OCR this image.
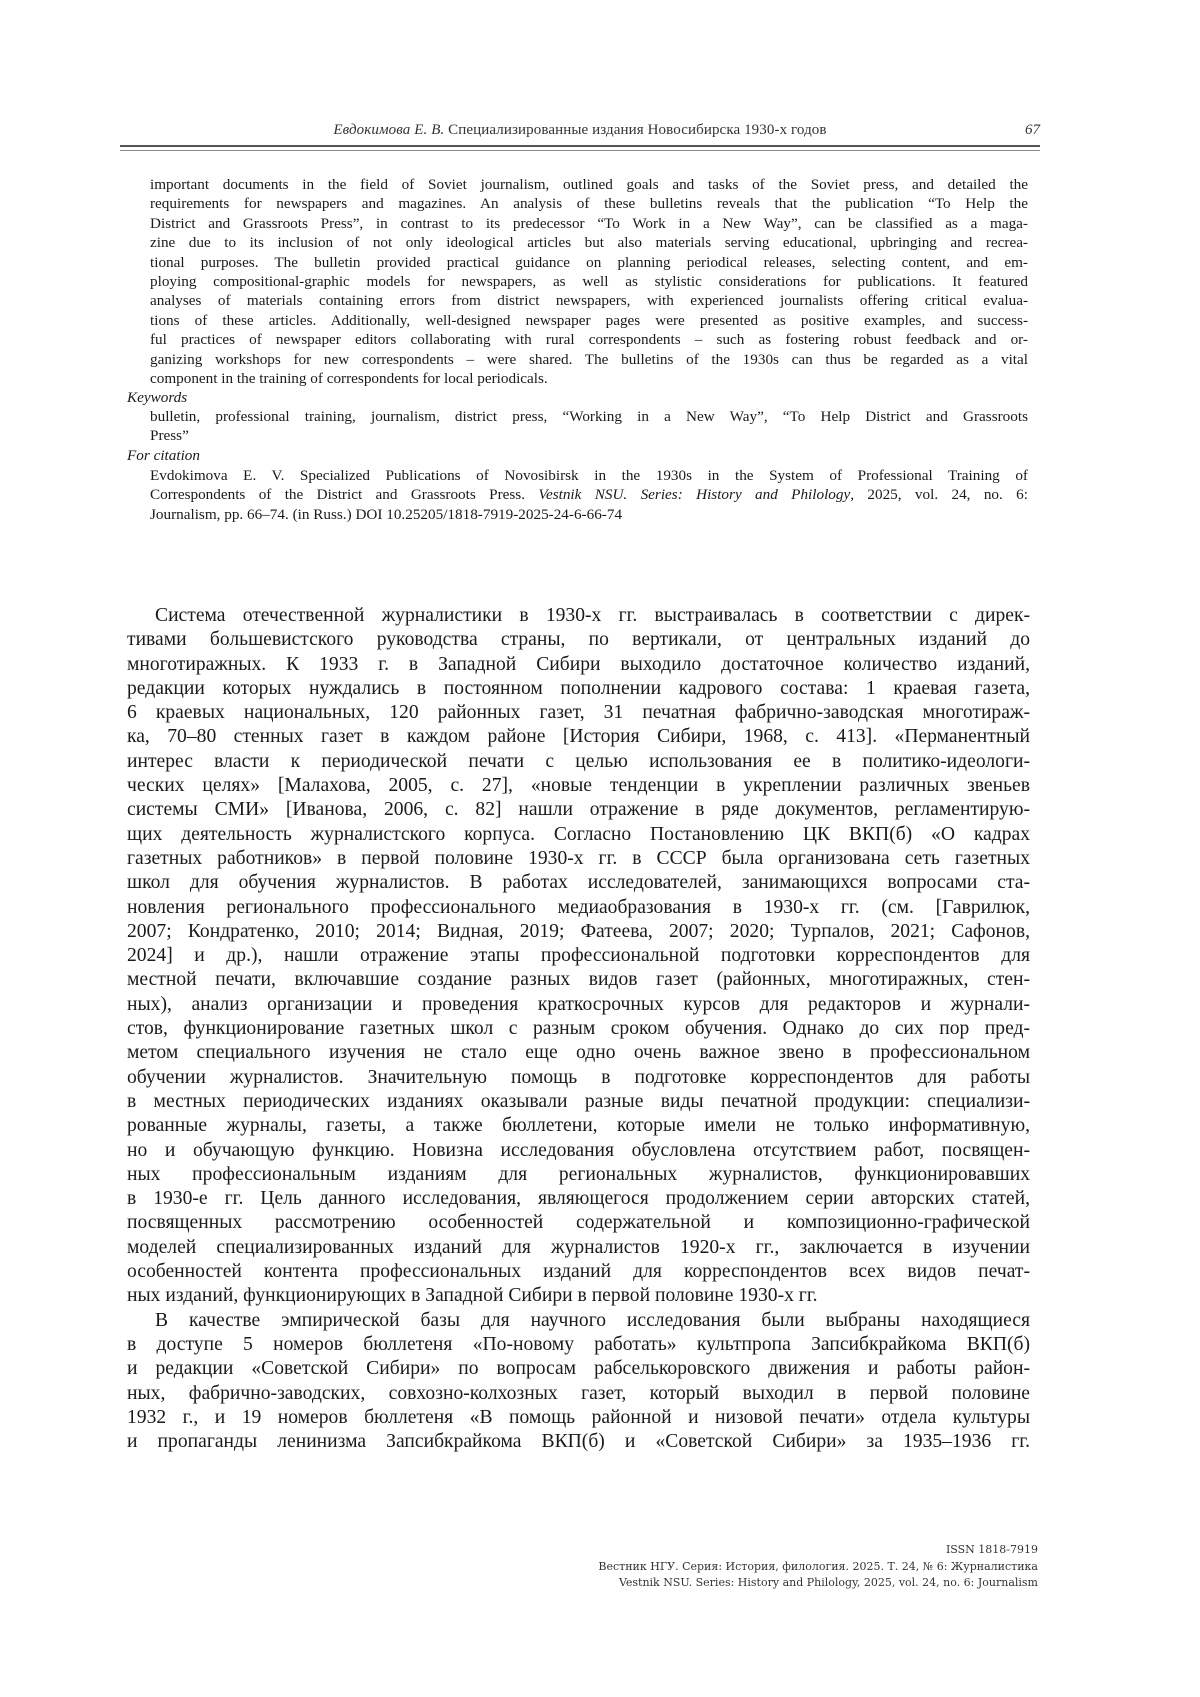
Евдокимова Е. В. Специализированные издания Новосибирска 1930-х годов	67
important documents in the field of Soviet journalism, outlined goals and tasks of the Soviet press, and detailed the
requirements for newspapers and magazines. An analysis of these bulletins reveals that the publication “To Help the
District and Grassroots Press”, in contrast to its predecessor “To Work in a New Way”, can be classified as a maga-
zine due to its inclusion of not only ideological articles but also materials serving educational, upbringing and recrea-
tional purposes. The bulletin provided practical guidance on planning periodical releases, selecting content, and em-
ploying compositional-graphic models for newspapers, as well as stylistic considerations for publications. It featured
analyses of materials containing errors from district newspapers, with experienced journalists offering critical evalua-
tions of these articles. Additionally, well-designed newspaper pages were presented as positive examples, and success-
ful practices of newspaper editors collaborating with rural correspondents – such as fostering robust feedback and or-
ganizing workshops for new correspondents – were shared. The bulletins of the 1930s can thus be regarded as a vital
component in the training of correspondents for local periodicals.
Keywords
bulletin, professional training, journalism, district press, “Working in a New Way”, “To Help District and Grassroots
Press”
For citation
Evdokimova E. V. Specialized Publications of Novosibirsk in the 1930s in the System of Professional Training of
Correspondents of the District and Grassroots Press. Vestnik NSU. Series: History and Philology, 2025, vol. 24, no. 6:
Journalism, pp. 66–74. (in Russ.) DOI 10.25205/1818-7919-2025-24-6-66-74
Система отечественной журналистики в 1930-х гг. выстраивалась в соответствии с дирек-
тивами большевистского руководства страны, по вертикали, от центральных изданий до
многотиражных. К 1933 г. в Западной Сибири выходило достаточное количество изданий,
редакции которых нуждались в постоянном пополнении кадрового состава: 1 краевая газета,
6 краевых национальных, 120 районных газет, 31 печатная фабрично-заводская многотираж-
ка, 70–80 стенных газет в каждом районе [История Сибири, 1968, с. 413]. «Перманентный
интерес власти к периодической печати с целью использования ее в политико-идеологи-
ческих целях» [Малахова, 2005, с. 27], «новые тенденции в укреплении различных звеньев
системы СМИ» [Иванова, 2006, с. 82] нашли отражение в ряде документов, регламентирую-
щих деятельность журналистского корпуса. Согласно Постановлению ЦК ВКП(б) «О кадрах
газетных работников» в первой половине 1930-х гг. в СССР была организована сеть газетных
школ для обучения журналистов. В работах исследователей, занимающихся вопросами ста-
новления регионального профессионального медиаобразования в 1930-х гг. (см. [Гаврилюк,
2007; Кондратенко, 2010; 2014; Видная, 2019; Фатеева, 2007; 2020; Турпалов, 2021; Сафонов,
2024] и др.), нашли отражение этапы профессиональной подготовки корреспондентов для
местной печати, включавшие создание разных видов газет (районных, многотиражных, стен-
ных), анализ организации и проведения краткосрочных курсов для редакторов и журнали-
стов, функционирование газетных школ с разным сроком обучения. Однако до сих пор пред-
метом специального изучения не стало еще одно очень важное звено в профессиональном
обучении журналистов. Значительную помощь в подготовке корреспондентов для работы
в местных периодических изданиях оказывали разные виды печатной продукции: специализи-
рованные журналы, газеты, а также бюллетени, которые имели не только информативную,
но и обучающую функцию. Новизна исследования обусловлена отсутствием работ, посвящен-
ных профессиональным изданиям для региональных журналистов, функционировавших
в 1930-е гг. Цель данного исследования, являющегося продолжением серии авторских статей,
посвященных рассмотрению особенностей содержательной и композиционно-графической
моделей специализированных изданий для журналистов 1920-х гг., заключается в изучении
особенностей контента профессиональных изданий для корреспондентов всех видов печат-
ных изданий, функционирующих в Западной Сибири в первой половине 1930-х гг.
В качестве эмпирической базы для научного исследования были выбраны находящиеся
в доступе 5 номеров бюллетеня «По-новому работать» культпропа Запсибкрайкома ВКП(б)
и редакции «Советской Сибири» по вопросам рабселькоровского движения и работы район-
ных, фабрично-заводских, совхозно-колхозных газет, который выходил в первой половине
1932 г., и 19 номеров бюллетеня «В помощь районной и низовой печати» отдела культуры
и пропаганды ленинизма Запсибкрайкома ВКП(б) и «Советской Сибири» за 1935–1936 гг.
ISSN 1818-7919
Вестник НГУ. Серия: История, филология. 2025. Т. 24, № 6: Журналистика
Vestnik NSU. Series: History and Philology, 2025, vol. 24, no. 6: Journalism
